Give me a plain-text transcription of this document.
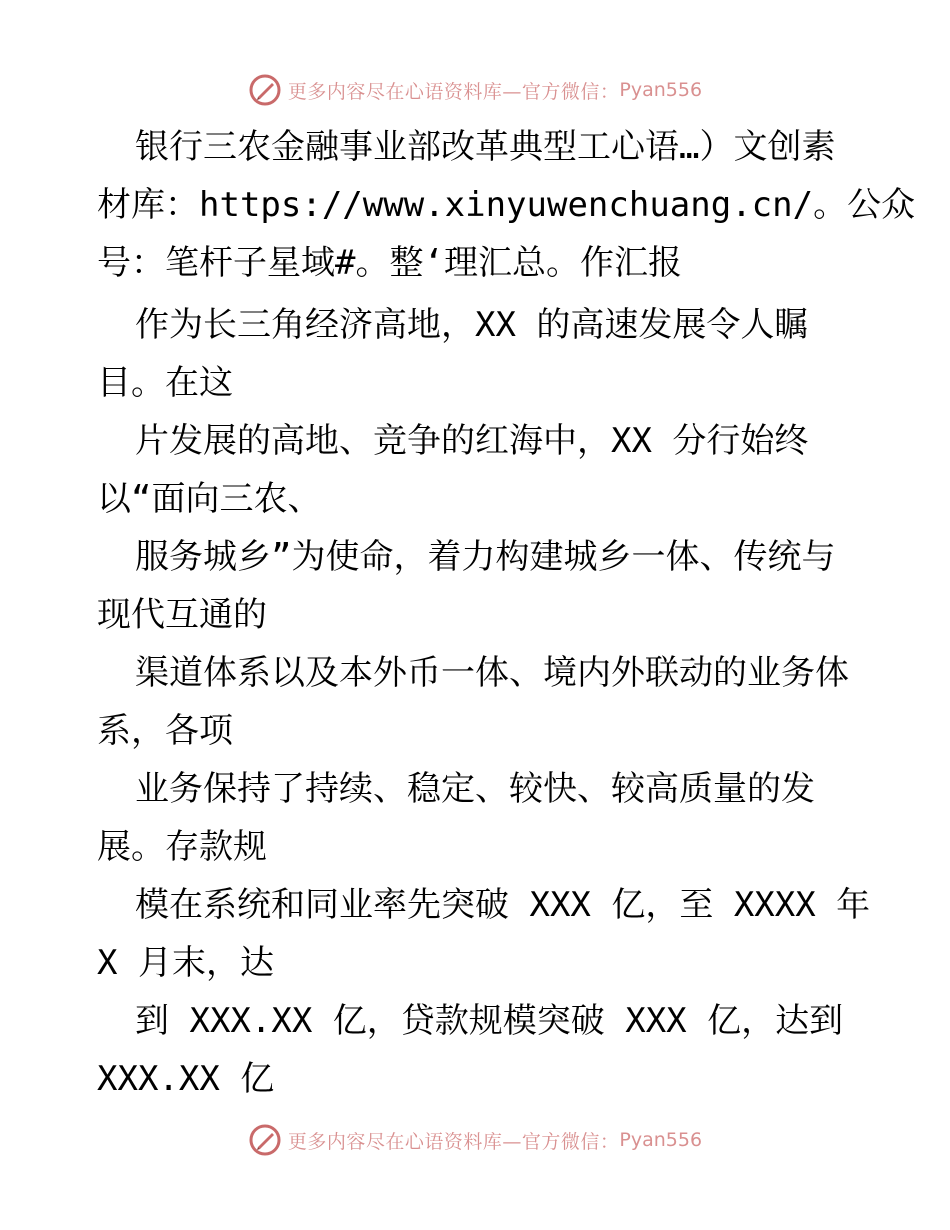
更多内容尽在心语资料库—官方微信： Pyan556
银行三农金融事业部改革典型工心语…）文创素
材库：https://www.xinyuwenchuang.cn/。公众
号：笔杆子星域#。整‘理汇总。作汇报
作为长三角经济高地，XX 的高速发展令人瞩
目。在这
片发展的高地、竞争的红海中，XX 分行始终
以“面向三农、
服务城乡”为使命，着力构建城乡一体、传统与
现代互通的
渠道体系以及本外币一体、境内外联动的业务体
系，各项
业务保持了持续、稳定、较快、较高质量的发
展。存款规
模在系统和同业率先突破 XXX 亿，至 XXXX 年
X 月末，达
到 XXX.XX 亿，贷款规模突破 XXX 亿，达到
XXX.XX 亿
更多内容尽在心语资料库—官方微信： Pyan556
